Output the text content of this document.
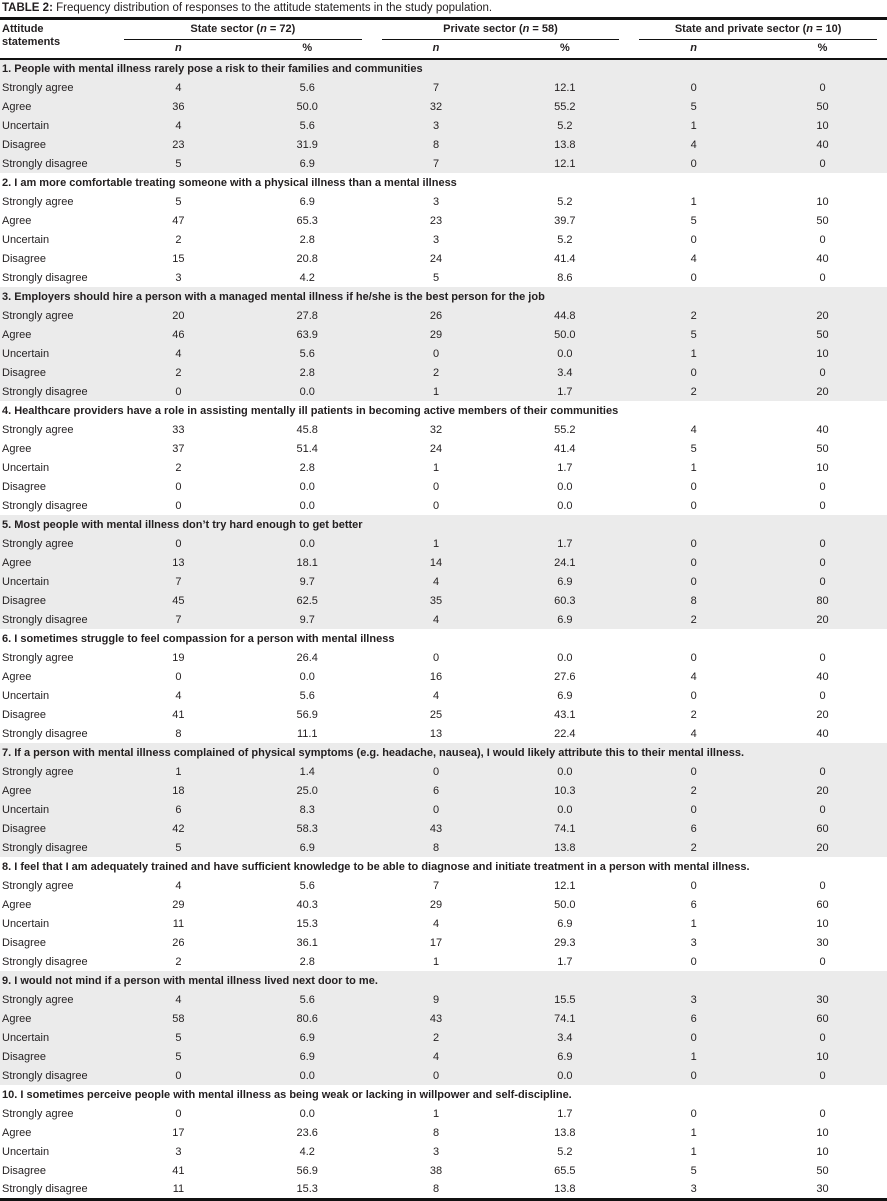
TABLE 2: Frequency distribution of responses to the attitude statements in the study population.
Attitude statements	State sector (n = 72)		Private sector (n = 58)		State and private sector (n = 10)	

	n	%	n	%	n	%
1. People with mental illness rarely pose a risk to their families and communities						
Strongly agree	4	5.6	7	12.1	0	0
Agree	36	50.0	32	55.2	5	50
Uncertain	4	5.6	3	5.2	1	10
Disagree	23	31.9	8	13.8	4	40
Strongly disagree	5	6.9	7	12.1	0	0
2. I am more comfortable treating someone with a physical illness than a mental illness						
Strongly agree	5	6.9	3	5.2	1	10
Agree	47	65.3	23	39.7	5	50
Uncertain	2	2.8	3	5.2	0	0
Disagree	15	20.8	24	41.4	4	40
Strongly disagree	3	4.2	5	8.6	0	0
3. Employers should hire a person with a managed mental illness if he/she is the best person for the job						
Strongly agree	20	27.8	26	44.8	2	20
Agree	46	63.9	29	50.0	5	50
Uncertain	4	5.6	0	0.0	1	10
Disagree	2	2.8	2	3.4	0	0
Strongly disagree	0	0.0	1	1.7	2	20
4. Healthcare providers have a role in assisting mentally ill patients in becoming active members of their communities						
Strongly agree	33	45.8	32	55.2	4	40
Agree	37	51.4	24	41.4	5	50
Uncertain	2	2.8	1	1.7	1	10
Disagree	0	0.0	0	0.0	0	0
Strongly disagree	0	0.0	0	0.0	0	0
5. Most people with mental illness don’t try hard enough to get better						
Strongly agree	0	0.0	1	1.7	0	0
Agree	13	18.1	14	24.1	0	0
Uncertain	7	9.7	4	6.9	0	0
Disagree	45	62.5	35	60.3	8	80
Strongly disagree	7	9.7	4	6.9	2	20
6. I sometimes struggle to feel compassion for a person with mental illness						
Strongly agree	19	26.4	0	0.0	0	0
Agree	0	0.0	16	27.6	4	40
Uncertain	4	5.6	4	6.9	0	0
Disagree	41	56.9	25	43.1	2	20
Strongly disagree	8	11.1	13	22.4	4	40
7. If a person with mental illness complained of physical symptoms (e.g. headache, nausea), I would likely attribute this to their mental illness.						
Strongly agree	1	1.4	0	0.0	0	0
Agree	18	25.0	6	10.3	2	20
Uncertain	6	8.3	0	0.0	0	0
Disagree	42	58.3	43	74.1	6	60
Strongly disagree	5	6.9	8	13.8	2	20
8. I feel that I am adequately trained and have sufficient knowledge to be able to diagnose and initiate treatment in a person with mental illness.						
Strongly agree	4	5.6	7	12.1	0	0
Agree	29	40.3	29	50.0	6	60
Uncertain	11	15.3	4	6.9	1	10
Disagree	26	36.1	17	29.3	3	30
Strongly disagree	2	2.8	1	1.7	0	0
9. I would not mind if a person with mental illness lived next door to me.						
Strongly agree	4	5.6	9	15.5	3	30
Agree	58	80.6	43	74.1	6	60
Uncertain	5	6.9	2	3.4	0	0
Disagree	5	6.9	4	6.9	1	10
Strongly disagree	0	0.0	0	0.0	0	0
10. I sometimes perceive people with mental illness as being weak or lacking in willpower and self-discipline.						
Strongly agree	0	0.0	1	1.7	0	0
Agree	17	23.6	8	13.8	1	10
Uncertain	3	4.2	3	5.2	1	10
Disagree	41	56.9	38	65.5	5	50
Strongly disagree	11	15.3	8	13.8	3	30
